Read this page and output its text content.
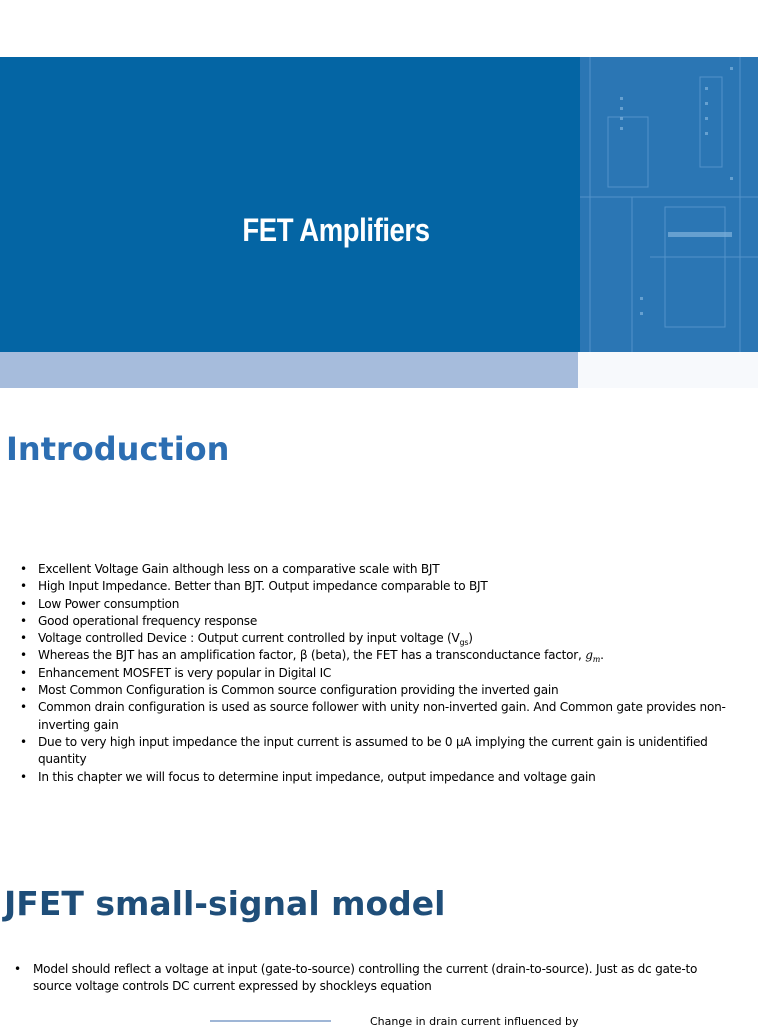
FET Amplifiers
Introduction
• Excellent Voltage Gain although less on a comparative scale with BJT
• High Input Impedance. Better than BJT. Output impedance comparable to BJT
• Low Power consumption
• Good operational frequency response
• Voltage controlled Device : Output current controlled by input voltage $(V_{gs})$
• Whereas the BJT has an amplification factor, β (beta), the FET has a transconductance factor, $g_m$.
• Enhancement MOSFET is very popular in Digital IC
• Most Common Configuration is Common source configuration providing the inverted gain
• Common drain configuration is used as source follower with unity non-inverted gain. And Common gate provides non-inverting gain
• Due to very high input impedance the input current is assumed to be 0 µA implying the current gain is unidentified quantity
• In this chapter we will focus to determine input impedance, output impedance and voltage gain
JFET small-signal model
• Model should reflect a voltage at input (gate-to-source) controlling the current (drain-to-source). Just as dc gate-to source voltage controls DC current expressed by shockleys equation
Change in drain current influenced by
